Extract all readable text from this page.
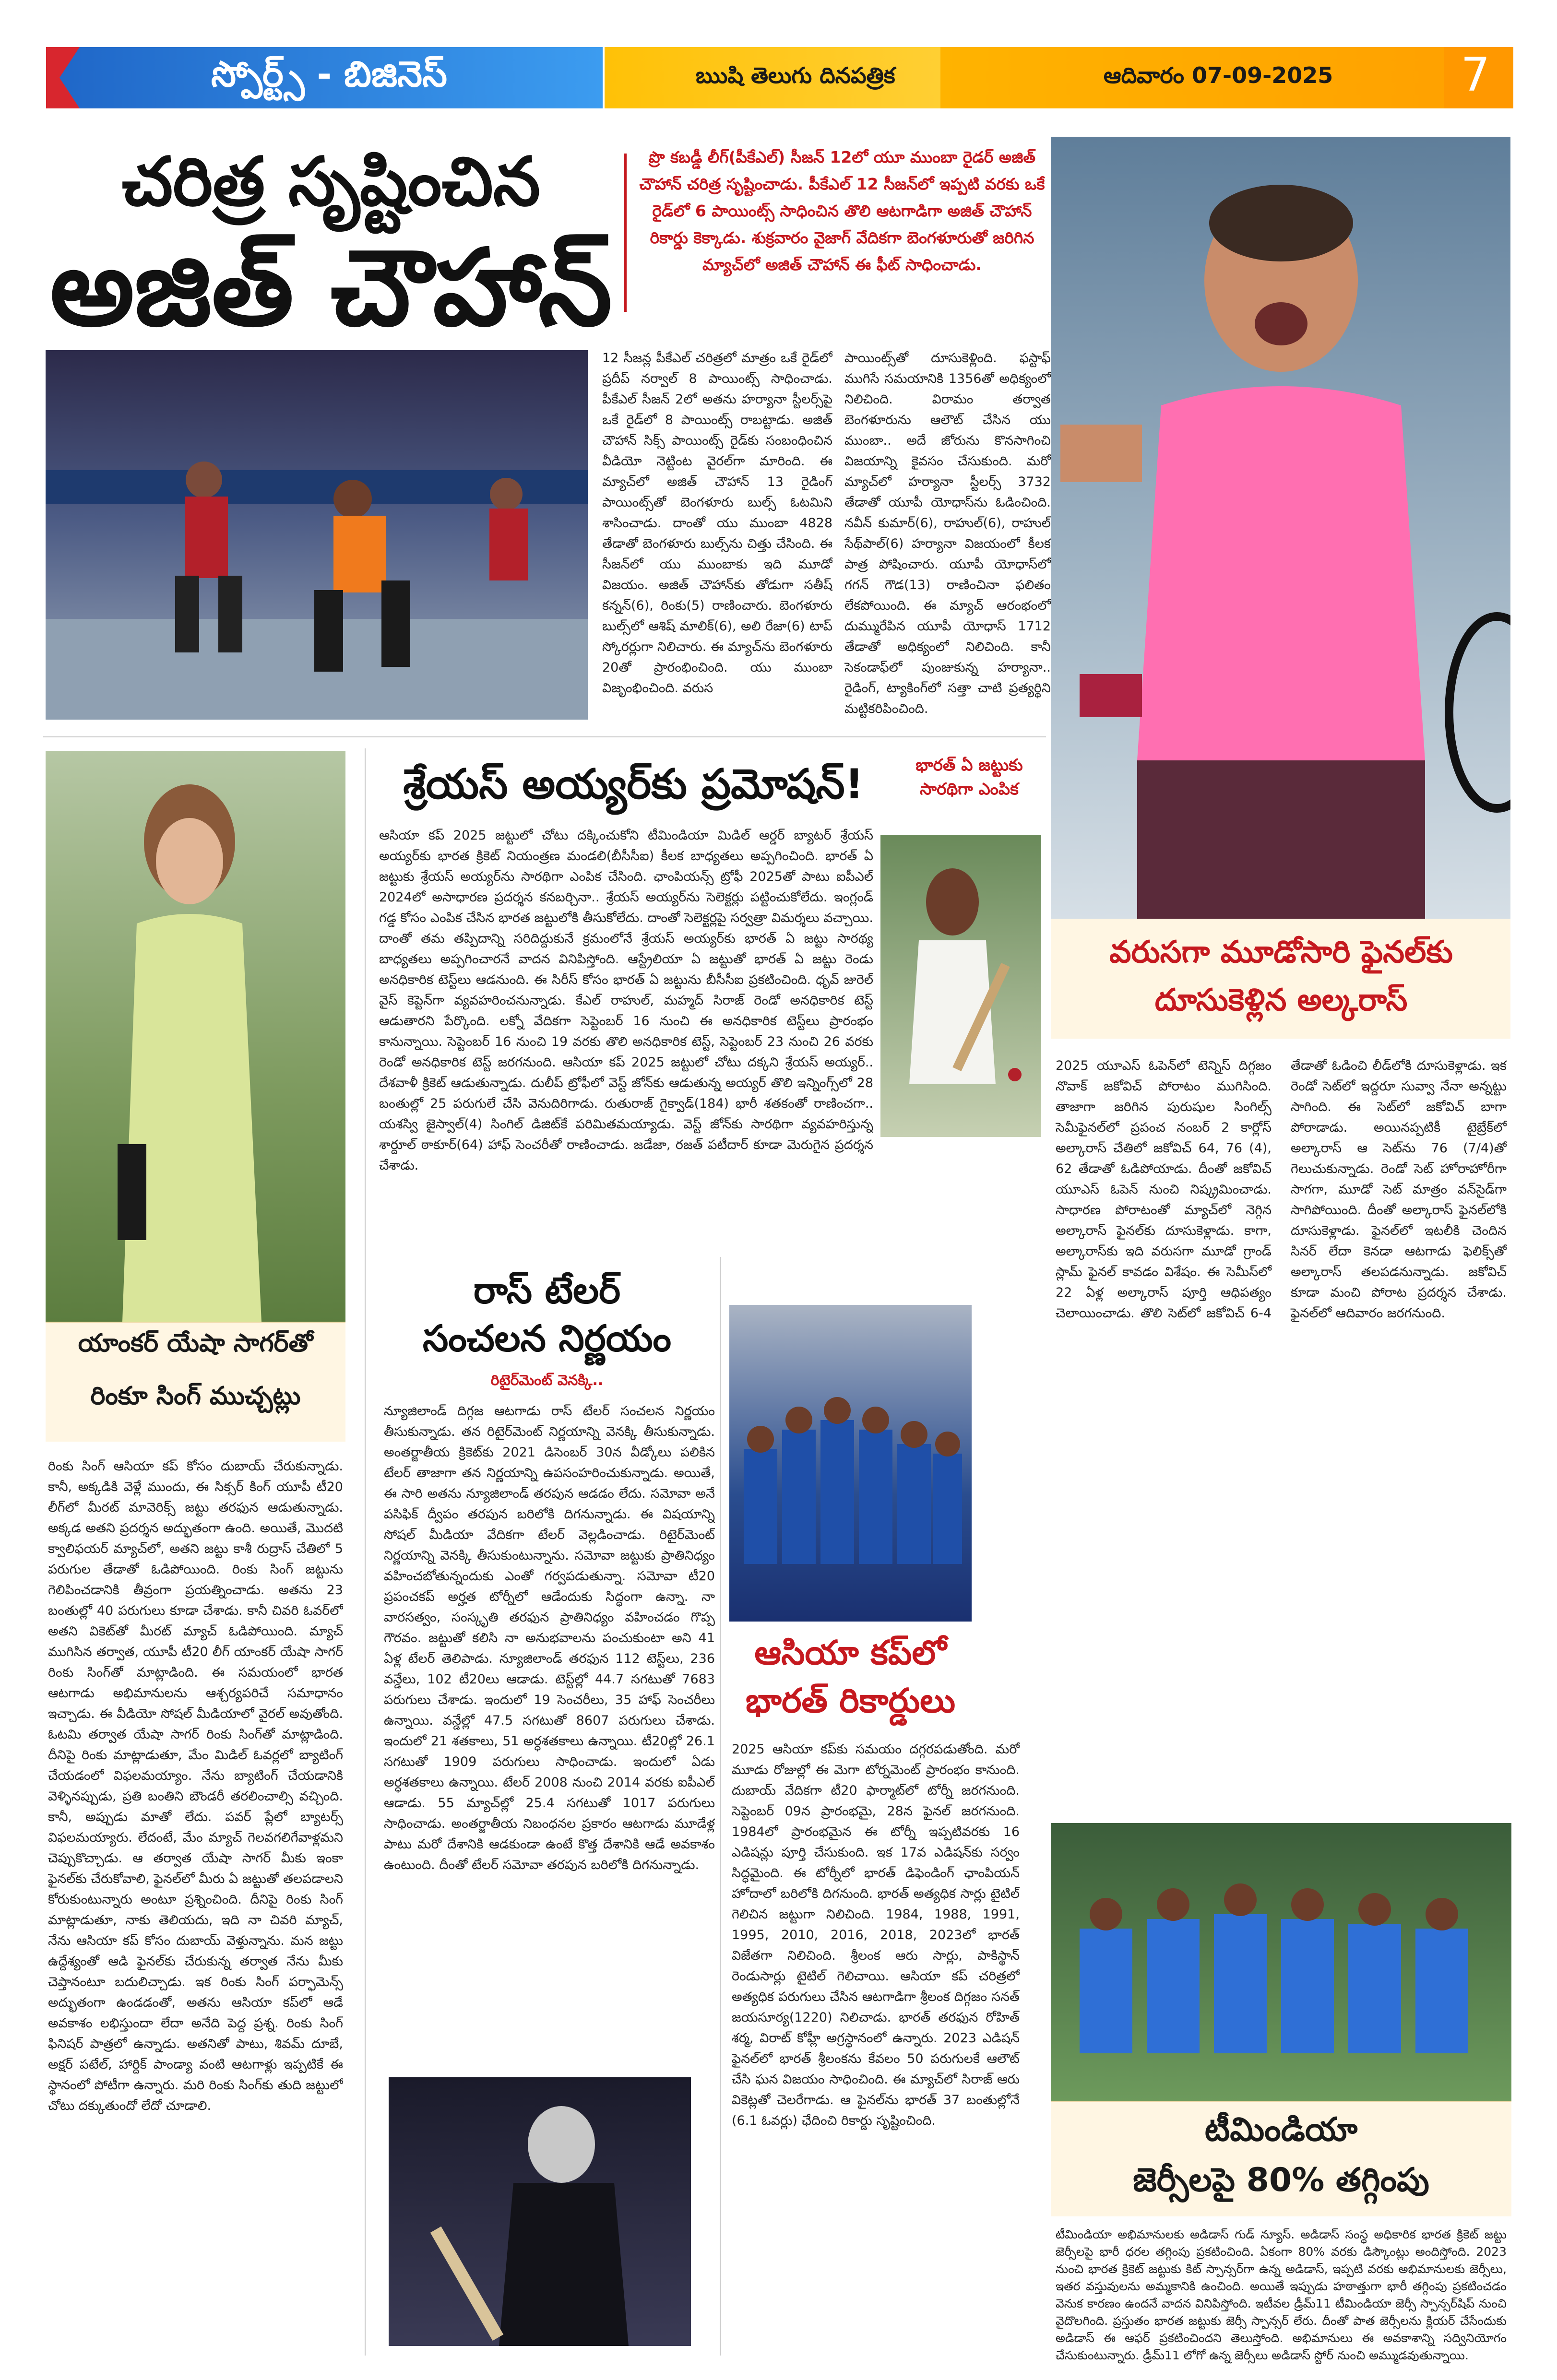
స్పోర్ట్స్ - బిజినెస్	ఋషి తెలుగు దినపత్రిక	ఆదివారం 07-09-2025	7
చరిత్ర సృష్టించిన
అజిత్ చౌహాన్
ప్రొ కబడ్డీ లీగ్(పీకేఎల్) సీజన్ 12లో యూ ముంబా రైడర్ అజిత్ చౌహాన్ చరిత్ర సృష్టించాడు. పీకేఎల్ 12 సీజన్‌లో ఇప్పటి వరకు ఒకే రైడ్‌లో 6 పాయింట్స్ సాధించిన తొలి ఆటగాడిగా అజిత్ చౌహాన్ రికార్డు కెక్కాడు. శుక్రవారం వైజాగ్ వేదికగా బెంగళూరుతో జరిగిన మ్యాచ్‌లో అజిత్ చౌహాన్ ఈ ఫీట్ సాధించాడు.

12 సీజన్ల పీకేఎల్ చరిత్రలో మాత్రం ఒకే రైడ్‌లో ప్రదీప్ నర్వాల్ 8 పాయింట్స్ సాధించాడు. పీకేఎల్ సీజన్ 2లో అతను హర్యానా స్టీలర్స్‌పై ఒకే రైడ్‌లో 8 పాయింట్స్ రాబట్టాడు. అజిత్ చౌహాన్ సిక్స్ పాయింట్స్ రైడ్‌కు సంబంధించిన వీడియో నెట్టింట వైరల్‌గా మారింది. ఈ మ్యాచ్‌లో అజిత్ చౌహాన్ 13 రైడింగ్ పాయింట్స్‌తో బెంగళూరు బుల్స్ ఓటమిని శాసించాడు. దాంతో యు ముంబా 4828 తేడాతో బెంగళూరు బుల్స్‌ను చిత్తు చేసింది. ఈ సీజన్‌లో యు ముంబాకు ఇది మూడో విజయం. అజిత్ చౌహాన్‌కు తోడుగా సతీష్ కన్నన్(6), రింకు(5) రాణించారు. బెంగళూరు బుల్స్‌లో ఆశిష్ మాలిక్(6), అలి రేజా(6) టాప్ స్కోరర్లుగా నిలిచారు. ఈ మ్యాచ్‌ను బెంగళూరు 20తో ప్రారంభించింది. యు ముంబా విజృంభించింది. వరుస

పాయింట్స్‌తో దూసుకెళ్లింది. ఫస్టాఫ్ ముగిసే సమయానికి 1356తో అధిక్యంలో నిలిచింది. విరామం తర్వాత బెంగళూరును ఆలౌట్ చేసిన యు ముంబా.. అదే జోరును కొనసాగించి విజయాన్ని కైవసం చేసుకుంది. మరో మ్యాచ్‌లో హర్యానా స్టీలర్స్ 3732 తేడాతో యూపీ యోధాస్‌ను ఓడించింది. నవీన్ కుమార్(6), రాహుల్(6), రాహుల్ సేథ్‌పాల్(6) హర్యానా విజయంలో కీలక పాత్ర పోషించారు. యూపీ యోధాస్‌లో గగన్ గౌడ(13) రాణించినా ఫలితం లేకపోయింది. ఈ మ్యాచ్ ఆరంభంలో దుమ్మురేపిన యూపీ యోధాస్ 1712 తేడాతో అధిక్యంలో నిలిచింది. కానీ సెకండాఫ్‌లో పుంజుకున్న హర్యానా.. రైడింగ్, ట్యాకింగ్‌లో సత్తా చాటి ప్రత్యర్థిని మట్టికరిపించింది.

వరుసగా మూడోసారి ఫైనల్‌కు దూసుకెళ్లిన అల్కరాస్

2025 యూఎస్ ఓపెన్‌లో టెన్నిస్ దిగ్గజం నొవాక్ జకోవిచ్ పోరాటం ముగిసింది. తాజాగా జరిగిన పురుషుల సింగిల్స్ సెమీఫైనల్‌లో ప్రపంచ నంబర్ 2 కార్లోస్ అల్కారాస్ చేతిలో జకోవిచ్ 64, 76 (4), 62 తేడాతో ఓడిపోయాడు. దీంతో జకోవిచ్ యూఎస్ ఓపెన్ నుంచి నిష్క్రమించాడు. సాధారణ పోరాటంతో మ్యాచ్‌లో నెగ్గిన అల్కారాస్ ఫైనల్‌కు దూసుకెళ్లాడు. కాగా, అల్కారాస్‌కు ఇది వరుసగా మూడో గ్రాండ్ స్లామ్ ఫైనల్ కావడం విశేషం. ఈ సెమీస్‌లో 22 ఏళ్ల అల్కారాస్ పూర్తి ఆధిపత్యం చెలాయించాడు. తొలి సెట్‌లో జకోవిచ్ 6-4 తేడాతో ఓడించి లీడ్‌లోకి దూసుకెళ్లాడు. ఇక రెండో సెట్‌లో ఇద్దరూ సువ్వా నేనా అన్నట్టు సాగింది. ఈ సెట్‌లో జకోవిచ్ బాగా పోరాడాడు. అయినప్పటికీ టైబ్రేక్‌లో అల్కారాస్ ఆ సెట్‌ను 76 (7/4)తో గెలుచుకున్నాడు. రెండో సెట్ హోరాహోరీగా సాగగా, మూడో సెట్ మాత్రం వన్‌సైడ్‌గా సాగిపోయింది. దీంతో అల్కారాస్ ఫైనల్‌లోకి దూసుకెళ్లాడు. ఫైనల్‌లో ఇటలీకి చెందిన సినర్ లేదా కెనడా ఆటగాడు ఫెలిక్స్‌తో అల్కారాస్ తలపడనున్నాడు. జకోవిచ్ కూడా మంచి పోరాట ప్రదర్శన చేశాడు. ఫైనల్‌లో ఆదివారం జరగనుంది.

యాంకర్ యేషా సాగర్‌తో
రింకూ సింగ్ ముచ్చట్లు

రింకు సింగ్ ఆసియా కప్ కోసం దుబాయ్ చేరుకున్నాడు. కానీ, అక్కడికి వెళ్లే ముందు, ఈ సిక్సర్ కింగ్ యూపీ టీ20 లీగ్‌లో మీరట్ మావెరిక్స్ జట్టు తరఫున ఆడుతున్నాడు. అక్కడ అతని ప్రదర్శన అద్భుతంగా ఉంది. అయితే, మొదటి క్వాలిఫయర్ మ్యాచ్‌లో, అతని జట్టు కాశీ రుద్రాస్ చేతిలో 5 పరుగుల తేడాతో ఓడిపోయింది. రింకు సింగ్ జట్టును గెలిపించడానికి తీవ్రంగా ప్రయత్నించాడు. అతను 23 బంతుల్లో 40 పరుగులు కూడా చేశాడు. కానీ చివరి ఓవర్‌లో అతని వికెట్‌తో మీరట్ మ్యాచ్ ఓడిపోయింది. మ్యాచ్ ముగిసిన తర్వాత, యూపీ టీ20 లీగ్ యాంకర్ యేషా సాగర్ రింకు సింగ్‌తో మాట్లాడింది. ఈ సమయంలో భారత ఆటగాడు అభిమానులను ఆశ్చర్యపరిచే సమాధానం ఇచ్చాడు. ఈ వీడియో సోషల్ మీడియాలో వైరల్ అవుతోంది. ఓటమి తర్వాత యేషా సాగర్ రింకు సింగ్‌తో మాట్లాడింది. దీనిపై రింకు మాట్లాడుతూ, మేం మిడిల్ ఓవర్లలో బ్యాటింగ్ చేయడంలో విఫలమయ్యాం. నేను బ్యాటింగ్ చేయడానికి వెళ్ళినప్పుడు, ప్రతి బంతిని బౌండరీ తరలించాల్సి వచ్చింది. కానీ, అప్పుడు మాతో లేదు. పవర్ ప్లేలో బ్యాటర్స్ విఫలమయ్యారు. లేదంటే, మేం మ్యాచ్ గెలవగలిగేవాళ్లమని చెప్పుకొచ్చాడు. ఆ తర్వాత యేషా సాగర్ మీకు ఇంకా ఫైనల్‌కు చేరుకోవాలి, ఫైనల్‌లో మీరు ఏ జట్టుతో తలపడాలని కోరుకుంటున్నారు అంటూ ప్రశ్నించింది. దీనిపై రింకు సింగ్ మాట్లాడుతూ, నాకు తెలియదు, ఇది నా చివరి మ్యాచ్, నేను ఆసియా కప్ కోసం దుబాయ్ వెళ్తున్నాను. మన జట్టు ఉద్దేశ్యంతో ఆడి ఫైనల్‌కు చేరుకున్న తర్వాత నేను మీకు చెప్తానంటూ బదులిచ్చాడు. ఇక రింకు సింగ్ పర్ఫామెన్స్ అద్భుతంగా ఉండడంతో, అతను ఆసియా కప్‌లో ఆడే అవకాశం లభిస్తుందా లేదా అనేది పెద్ద ప్రశ్న. రింకు సింగ్ ఫినిషర్ పాత్రలో ఉన్నాడు. అతనితో పాటు, శివమ్ దూబే, అక్షర్ పటేల్, హార్దిక్ పాండ్యా వంటి ఆటగాళ్లు ఇప్పటికే ఈ స్థానంలో పోటీగా ఉన్నారు. మరి రింకు సింగ్‌కు తుది జట్టులో చోటు దక్కుతుందో లేదో చూడాలి.

శ్రేయస్ అయ్యర్‌కు ప్రమోషన్!	భారత్ ఏ జట్టుకు సారథిగా ఎంపిక

ఆసియా కప్ 2025 జట్టులో చోటు దక్కించుకోని టీమిండియా మిడిల్ ఆర్డర్ బ్యాటర్ శ్రేయస్ అయ్యర్‌కు భారత క్రికెట్ నియంత్రణ మండలి(బీసీసీఐ) కీలక బాధ్యతలు అప్పగించింది. భారత్ ఏ జట్టుకు శ్రేయస్ అయ్యర్‌ను సారథిగా ఎంపిక చేసింది. ఛాంపియన్స్ ట్రోఫీ 2025తో పాటు ఐపీఎల్ 2024లో అసాధారణ ప్రదర్శన కనబర్చినా.. శ్రేయస్ అయ్యర్‌ను సెలెక్టర్లు పట్టించుకోలేదు. ఇంగ్లండ్ గడ్డ కోసం ఎంపిక చేసిన భారత జట్టులోకి తీసుకోలేదు. దాంతో సెలెక్టర్లపై సర్వత్రా విమర్శలు వచ్చాయి. దాంతో తమ తప్పిదాన్ని సరిదిద్దుకునే క్రమంలోనే శ్రేయస్ అయ్యర్‌కు భారత్ ఏ జట్టు సారథ్య బాధ్యతలు అప్పగించారనే వాదన వినిపిస్తోంది. ఆస్ట్రేలియా ఏ జట్టుతో భారత్ ఏ జట్టు రెండు అనధికారిక టెస్ట్‌లు ఆడనుంది. ఈ సిరీస్ కోసం భారత్ ఏ జట్టును బీసీసీఐ ప్రకటించింది. ధృవ్ జురెల్ వైస్ కెప్టెన్‌గా వ్యవహరించనున్నాడు. కేఎల్ రాహుల్, మహ్మద్ సిరాజ్ రెండో అనధికారిక టెస్ట్ ఆడుతారని పేర్కొంది. లక్నో వేదికగా సెప్టెంబర్ 16 నుంచి ఈ అనధికారిక టెస్ట్‌లు ప్రారంభం కానున్నాయి. సెప్టెంబర్ 16 నుంచి 19 వరకు తొలి అనధికారిక టెస్ట్, సెప్టెంబర్ 23 నుంచి 26 వరకు రెండో అనధికారిక టెస్ట్ జరగనుంది. ఆసియా కప్ 2025 జట్టులో చోటు దక్కని శ్రేయస్ అయ్యర్.. దేశవాళీ క్రికెట్ ఆడుతున్నాడు. దులీప్ ట్రోఫీలో వెస్ట్ జోన్‌కు ఆడుతున్న అయ్యర్ తొలి ఇన్నింగ్స్‌లో 28 బంతుల్లో 25 పరుగులే చేసి వెనుదిరిగాడు. రుతురాజ్ గైక్వాడ్(184) భారీ శతకంతో రాణించగా.. యశస్వి జైస్వాల్(4) సింగిల్ డిజిట్‌కే పరిమితమయ్యాడు. వెస్ట్ జోన్‌కు సారథిగా వ్యవహరిస్తున్న శార్దూల్ ఠాకూర్(64) హాఫ్ సెంచరీతో రాణించాడు. జడేజా, రజత్ పటీదార్ కూడా మెరుగైన ప్రదర్శన చేశాడు.

రాస్ టేలర్
సంచలన నిర్ణయం
రిటైర్‌మెంట్ వెనక్కి..

న్యూజిలాండ్ దిగ్గజ ఆటగాడు రాస్ టేలర్ సంచలన నిర్ణయం తీసుకున్నాడు. తన రిటైర్‌మెంట్ నిర్ణయాన్ని వెనక్కి తీసుకున్నాడు. అంతర్జాతీయ క్రికెట్‌కు 2021 డిసెంబర్ 30న వీడ్కోలు పలికిన టేలర్ తాజాగా తన నిర్ణయాన్ని ఉపసంహరించుకున్నాడు. అయితే, ఈ సారి అతను న్యూజిలాండ్ తరపున ఆడడం లేదు. సమోవా అనే పసిఫిక్ ద్వీపం తరపున బరిలోకి దిగనున్నాడు. ఈ విషయాన్ని సోషల్ మీడియా వేదికగా టేలర్ వెల్లడించాడు. రిటైర్‌మెంట్ నిర్ణయాన్ని వెనక్కి తీసుకుంటున్నాను. సమోవా జట్టుకు ప్రాతినిధ్యం వహించబోతున్నందుకు ఎంతో గర్వపడుతున్నా. సమోవా టీ20 ప్రపంచకప్ అర్హత టోర్నీలో ఆడేందుకు సిద్ధంగా ఉన్నా. నా వారసత్వం, సంస్కృతి తరఫున ప్రాతినిధ్యం వహించడం గొప్ప గౌరవం. జట్టుతో కలిసి నా అనుభవాలను పంచుకుంటా అని 41 ఏళ్ల టేలర్ తెలిపాడు. న్యూజిలాండ్ తరఫున 112 టెస్ట్‌లు, 236 వన్డేలు, 102 టీ20లు ఆడాడు. టెస్ట్‌ల్లో 44.7 సగటుతో 7683 పరుగులు చేశాడు. ఇందులో 19 సెంచరీలు, 35 హాఫ్ సెంచరీలు ఉన్నాయి. వన్డేల్లో 47.5 సగటుతో 8607 పరుగులు చేశాడు. ఇందులో 21 శతకాలు, 51 అర్ధశతకాలు ఉన్నాయి. టీ20ల్లో 26.1 సగటుతో 1909 పరుగులు సాధించాడు. ఇందులో ఏడు అర్ధశతకాలు ఉన్నాయి. టేలర్ 2008 నుంచి 2014 వరకు ఐపీఎల్ ఆడాడు. 55 మ్యాచ్‌ల్లో 25.4 సగటుతో 1017 పరుగులు సాధించాడు. అంతర్జాతీయ నిబంధనల ప్రకారం ఆటగాడు మూడేళ్ల పాటు మరో దేశానికి ఆడకుండా ఉంటే కొత్త దేశానికి ఆడే అవకాశం ఉంటుంది. దీంతో టేలర్ సమోవా తరపున బరిలోకి దిగనున్నాడు.

ఆసియా కప్‌లో
భారత్ రికార్డులు

2025 ఆసియా కప్‌కు సమయం దగ్గరపడుతోంది. మరో మూడు రోజుల్లో ఈ మెగా టోర్నమెంట్ ప్రారంభం కానుంది. దుబాయ్ వేదికగా టీ20 ఫార్మాట్‌లో టోర్నీ జరగనుంది. సెప్టెంబర్ 09న ప్రారంభమై, 28న ఫైనల్ జరగనుంది. 1984లో ప్రారంభమైన ఈ టోర్నీ ఇప్పటివరకు 16 ఎడిషన్లు పూర్తి చేసుకుంది. ఇక 17వ ఎడిషన్‌కు సర్వం సిద్ధమైంది. ఈ టోర్నీలో భారత్ డిఫెండింగ్ ఛాంపియన్ హోదాలో బరిలోకి దిగనుంది. భారత్ అత్యధిక సార్లు టైటిల్ గెలిచిన జట్టుగా నిలిచింది. 1984, 1988, 1991, 1995, 2010, 2016, 2018, 2023లో భారత్ విజేతగా నిలిచింది. శ్రీలంక ఆరు సార్లు, పాకిస్థాన్ రెండుసార్లు టైటిల్ గెలిచాయి. ఆసియా కప్ చరిత్రలో అత్యధిక పరుగులు చేసిన ఆటగాడిగా శ్రీలంక దిగ్గజం సనత్ జయసూర్య(1220) నిలిచాడు. భారత్ తరఫున రోహిత్ శర్మ, విరాట్ కోహ్లీ అగ్రస్థానంలో ఉన్నారు. 2023 ఎడిషన్ ఫైనల్‌లో భారత్ శ్రీలంకను కేవలం 50 పరుగులకే ఆలౌట్ చేసి ఘన విజయం సాధించింది. ఈ మ్యాచ్‌లో సిరాజ్ ఆరు వికెట్లతో చెలరేగాడు. ఆ ఫైనల్‌ను భారత్ 37 బంతుల్లోనే (6.1 ఓవర్లు) ఛేదించి రికార్డు సృష్టించింది.	టీమిండియా
జెర్సీలపై 80% తగ్గింపు

టీమిండియా అభిమానులకు అడిడాస్ గుడ్ న్యూస్. అడిడాస్ సంస్థ అధికారిక భారత క్రికెట్ జట్టు జెర్సీలపై భారీ ధరల తగ్గింపు ప్రకటించింది. ఏకంగా 80% వరకు డిస్కౌంట్లు అందిస్తోంది. 2023 నుంచి భారత క్రికెట్ జట్టుకు కిట్ స్పాన్సర్‌గా ఉన్న అడిడాస్, ఇప్పటి వరకు అభిమానులకు జెర్సీలు, ఇతర వస్తువులను అమ్మకానికి ఉంచింది. అయితే ఇప్పుడు హఠాత్తుగా భారీ తగ్గింపు ప్రకటించడం వెనుక కారణం ఉందనే వాదన వినిపిస్తోంది. ఇటీవల డ్రీమ్11 టీమిండియా జెర్సీ స్పాన్సర్‌షిప్ నుంచి వైదొలగింది. ప్రస్తుతం భారత జట్టుకు జెర్సీ స్పాన్సర్ లేరు. దీంతో పాత జెర్సీలను క్లియర్ చేసేందుకు అడిడాస్ ఈ ఆఫర్ ప్రకటించిందని తెలుస్తోంది. అభిమానులు ఈ అవకాశాన్ని సద్వినియోగం చేసుకుంటున్నారు. డ్రీమ్11 లోగో ఉన్న జెర్సీలు అడిడాస్ స్టోర్ నుంచి అమ్ముడవుతున్నాయి.
